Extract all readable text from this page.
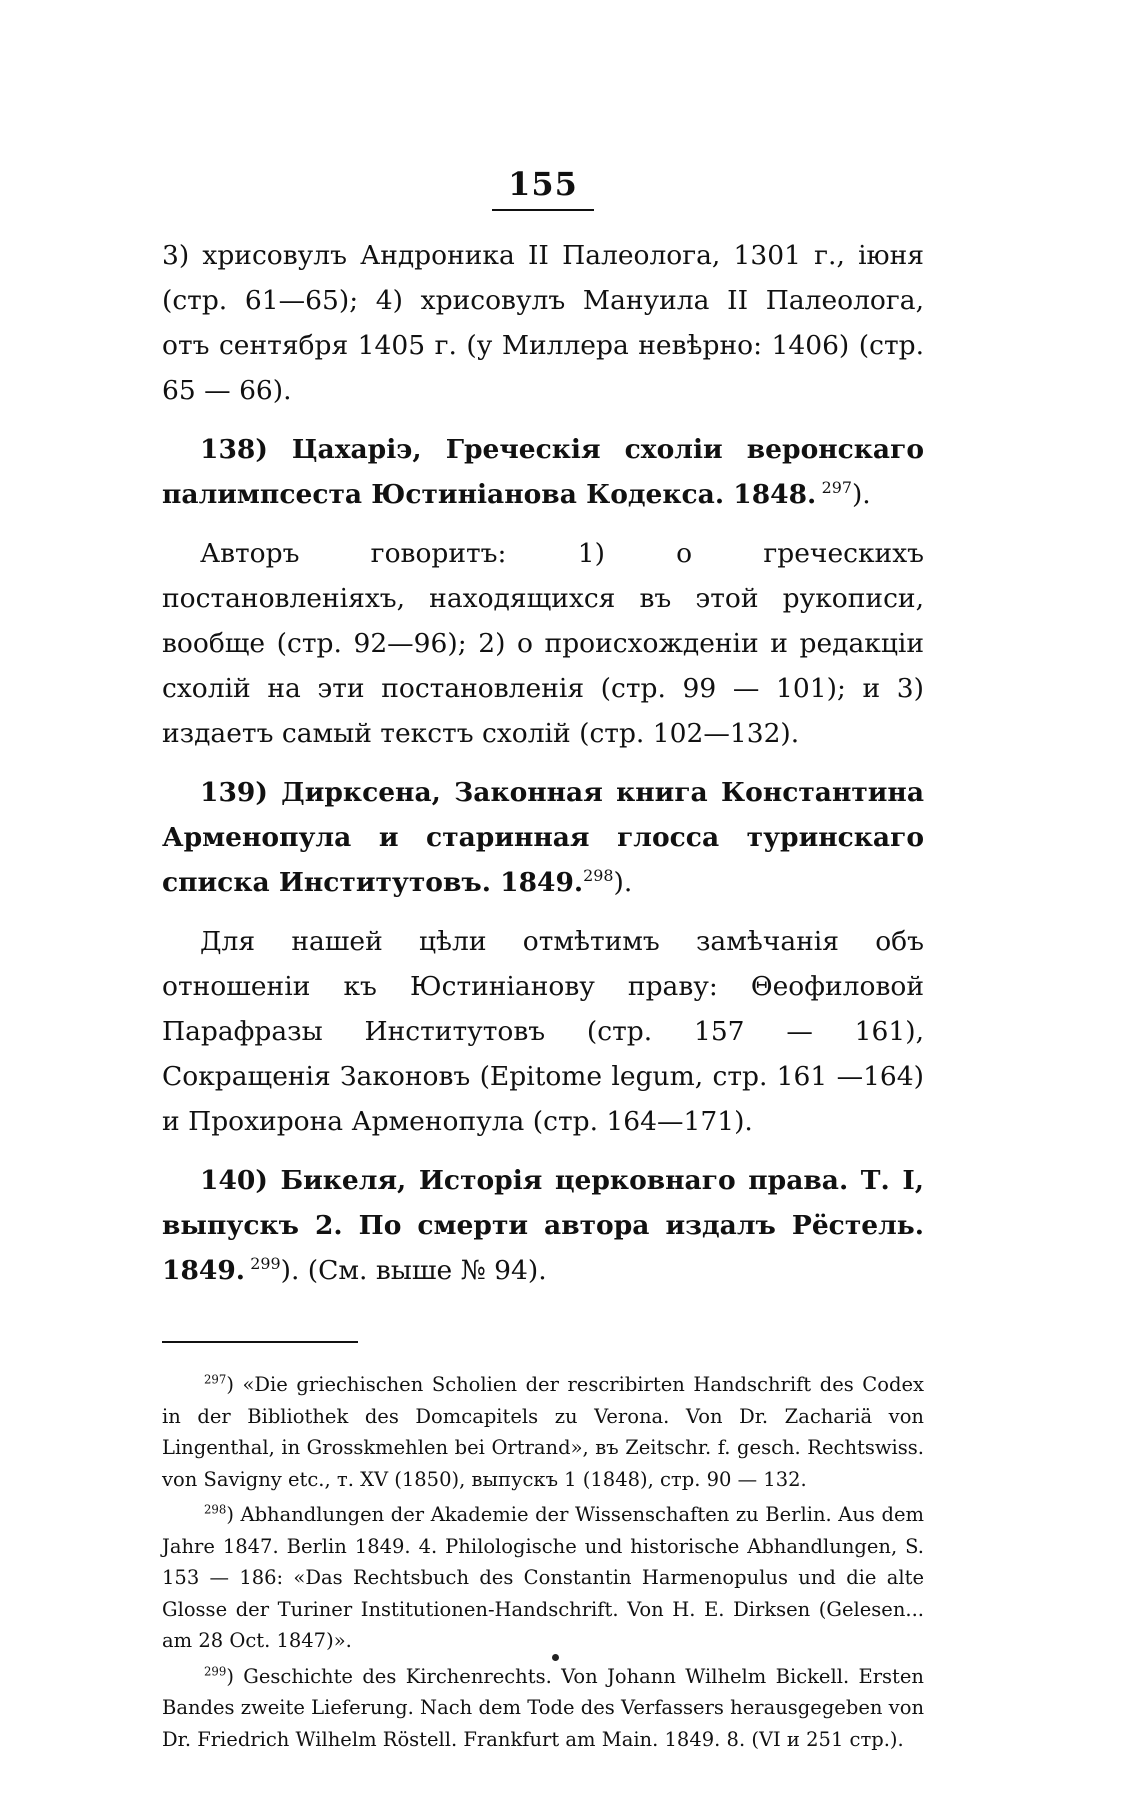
155

3) хрисовулъ Андроника II Палеолога, 1301 г., iюня (стр. 61—65); 4) хрисовулъ Мануила II Палеолога, отъ сентября 1405 г. (у Миллера невѣрно: 1406) (стр. 65 — 66).

138) Цахарiэ, Греческiя схолiи веронскаго палимпсеста Юстинiанова Кодекса. 1848.  $^{297}$).

Авторъ говоритъ: 1) о греческихъ постановленiяхъ, находящихся въ этой рукописи, вообще (стр. 92—96); 2) о происхожденiи и редакцiи схолiй на эти постановленiя (стр. 99 — 101); и 3) издаетъ самый текстъ схолiй (стр. 102—132).

139) Дирксена, Законная книга Константина Арменопула и старинная глосса туринскаго списка Институтовъ. 1849.$^{298}$).

Для нашей цѣли отмѣтимъ замѣчанiя объ отношенiи къ Юстинiанову праву: Θеофиловой Парафразы Институтовъ (стр. 157 — 161), Сокращенiя Законовъ (Epitome legum, стр. 161 —164) и Прохирона Арменопула (стр. 164—171).

140) Бикеля, Исторiя церковнаго права. Т. I, выпускъ 2. По смерти автора издалъ Рёстель. 1849.  $^{299}$). (См. выше № 94).

$^{297}$) «Die griechischen Scholien der rescribirten Handschrift des Codex in der Bibliothek des Domcapitels zu Verona. Von Dr. Zachariä von Lingenthal, in Grosskmehlen bei Ortrand», въ Zeitschr. f. gesch. Rechtswiss. von Savigny etc., т. XV (1850), выпускъ 1 (1848), стр. 90 — 132.

$^{298}$) Abhandlungen der Akademie der Wissenschaften zu Berlin. Aus dem Jahre 1847. Berlin 1849. 4. Philologische und historische Abhandlungen, S. 153 — 186: «Das Rechtsbuch des Constantin Harmenopulus und die alte Glosse der Turiner Institutionen-Handschrift. Von H. E. Dirksen (Gelesen... am 28 Oct. 1847)».

$^{299}$) Geschichte des Kirchenrechts. Von Johann Wilhelm Bickell. Ersten Bandes zweite Lieferung. Nach dem Tode des Verfassers herausgegeben von Dr. Friedrich Wilhelm Röstell. Frankfurt am Main. 1849. 8. (VI и 251 стр.).
